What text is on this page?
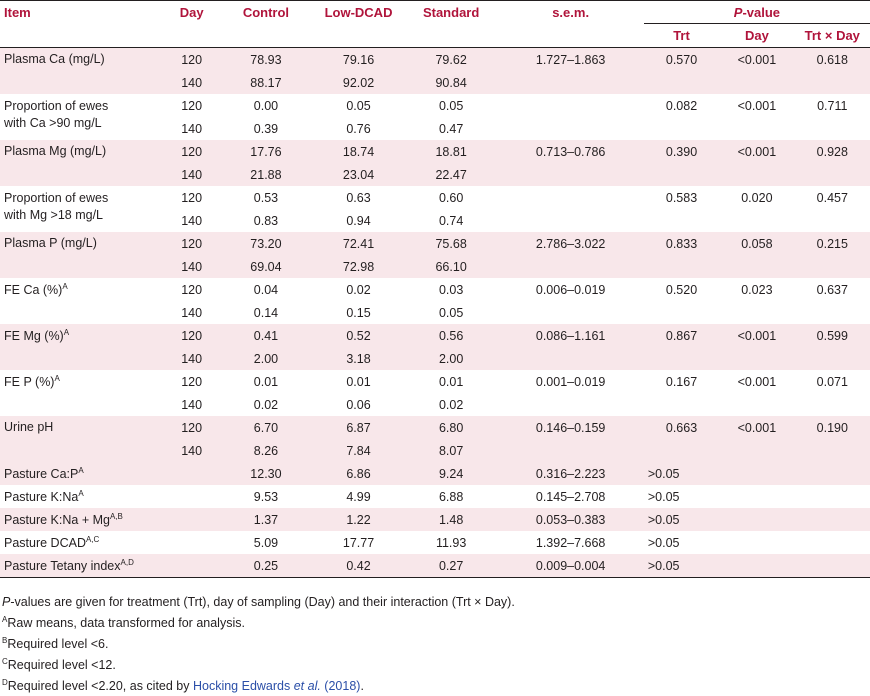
Item	Day	Control	Low-DCAD	Standard	s.e.m.	P-value		
						Trt	Day	Trt × Day
Plasma Ca (mg/L)	120	78.93	79.16	79.62	1.727–1.863	0.570	<0.001	0.618
	140	88.17	92.02	90.84				

Proportion of ewes
with Ca >90 mg/L	120	0.00	0.05	0.05		0.082	<0.001	0.711
	140	0.39	0.76	0.47				
Plasma Mg (mg/L)	120	17.76	18.74	18.81	0.713–0.786	0.390	<0.001	0.928
	140	21.88	23.04	22.47				

Proportion of ewes
with Mg >18 mg/L	120	0.53	0.63	0.60		0.583	0.020	0.457
	140	0.83	0.94	0.74				
Plasma P (mg/L)	120	73.20	72.41	75.68	2.786–3.022	0.833	0.058	0.215
	140	69.04	72.98	66.10				
FE Ca (%)$^A$	120	0.04	0.02	0.03	0.006–0.019	0.520	0.023	0.637
	140	0.14	0.15	0.05				
FE Mg (%)$^A$	120	0.41	0.52	0.56	0.086–1.161	0.867	<0.001	0.599
	140	2.00	3.18	2.00				
FE P (%)$^A$	120	0.01	0.01	0.01	0.001–0.019	0.167	<0.001	0.071
	140	0.02	0.06	0.02				
Urine pH	120	6.70	6.87	6.80	0.146–0.159	0.663	<0.001	0.190
	140	8.26	7.84	8.07				
Pasture $Ca:P^A$		12.30	6.86	9.24	0.316–2.223	>0.05		
Pasture $K:Na^A$		9.53	4.99	6.88	0.145–2.708	>0.05		
Pasture K:Na + $Mg^{A,B}$		1.37	1.22	1.48	0.053–0.383	>0.05		
Pasture $DCAD^{A,C}$		5.09	17.77	11.93	1.392–7.668	>0.05		
Pasture Tetany index$^{A,D}$		0.25	0.42	0.27	0.009–0.004	>0.05		
P-values are given for treatment (Trt), day of sampling (Day) and their interaction (Trt × Day).
$^A$Raw means, data transformed for analysis.
$^B$Required level <6.
$^C$Required level <12.
$^D$Required level <2.20, as cited by Hocking Edwards et al. (2018).
